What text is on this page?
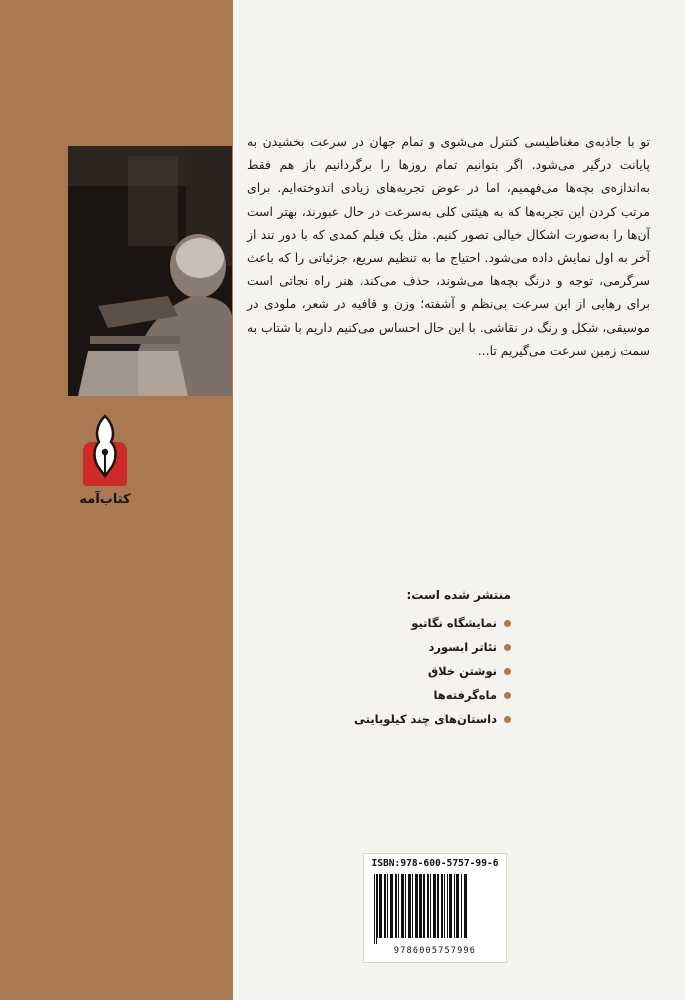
کتاب‌آمه

تو با جاذبه‌ی مغناطیسی کنترل می‌شوی و تمام جهان در سرعت بخشیدن به پایانت درگیر می‌شود. اگر بتوانیم تمام روزها را برگردانیم باز هم فقط به‌اندازه‌ی بچه‌ها می‌فهمیم، اما در عوض تجربه‌های زیادی اندوخته‌ایم. برای مرتب کردن این تجربه‌ها که به هیئتی کلی به‌سرعت در حال عبورند، بهتر است آن‌ها را به‌صورت اشکال خیالی تصور کنیم. مثل یک فیلم کمدی که با دور تند از آخر به اول نمایش داده می‌شود. احتیاج ما به تنظیم سریع، جزئیاتی را که باعث سرگرمی، توجه و درنگ بچه‌ها می‌شوند، حذف می‌کند. هنر راه نجاتی است برای رهایی از این سرعت بی‌نظم و آشفته؛ وزن و قافیه در شعر، ملودی در موسیقی، شکل و رنگ در نقاشی. با این حال احساس می‌کنیم داریم با شتاب به سمت زمین سرعت می‌گیریم تا...

منتشر شده است:
نمایشگاه نگاتیو
تئاتر ابسورد
نوشتن خلاق
ماه‌گرفته‌ها
داستان‌های چند کیلوبایتی
ISBN:978-600-5757-99-6
9786005757996
